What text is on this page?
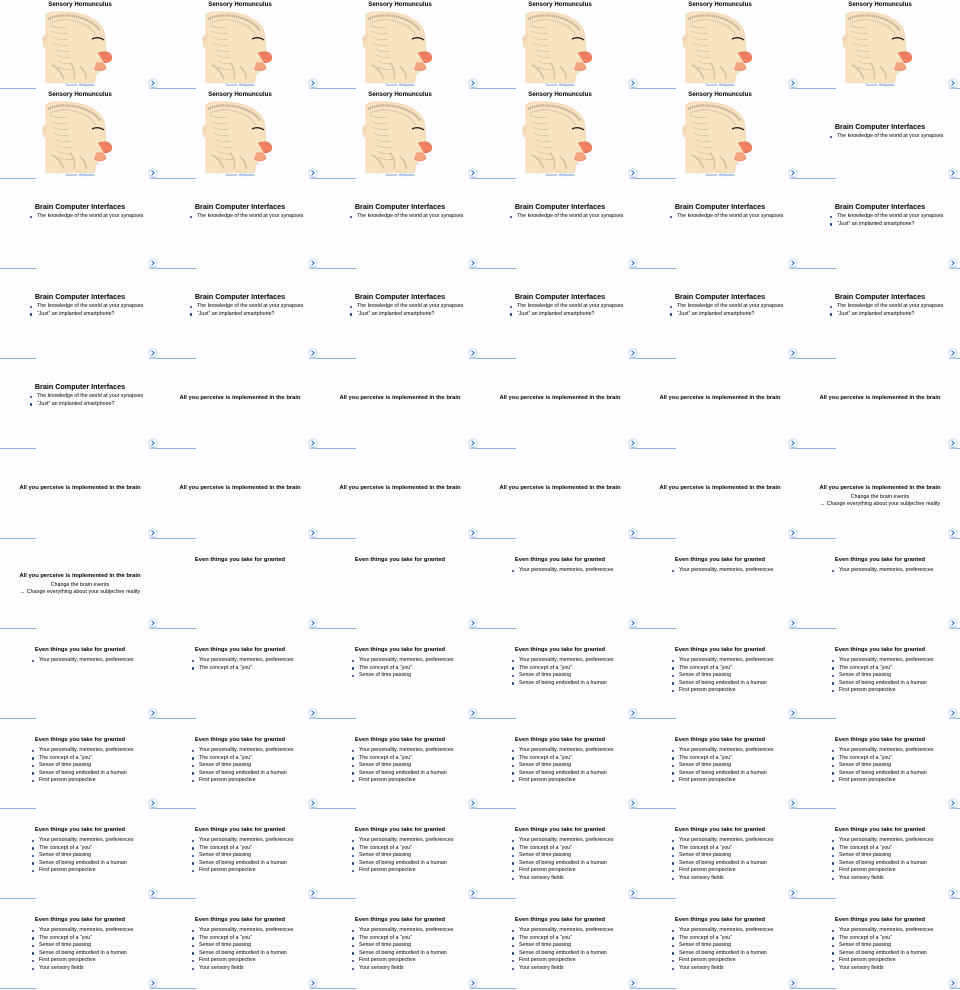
Sensory Homunculus
Source: Wikipedia
Sensory Homunculus
Source: Wikipedia
Sensory Homunculus
Source: Wikipedia
Sensory Homunculus
Source: Wikipedia
Sensory Homunculus
Source: Wikipedia
Sensory Homunculus
Source: Wikipedia
Sensory Homunculus
Source: Wikipedia
Sensory Homunculus
Source: Wikipedia
Sensory Homunculus
Source: Wikipedia
Sensory Homunculus
Source: Wikipedia
Sensory Homunculus
Source: Wikipedia
Brain Computer Interfaces
The knowledge of the world at your synapses
Brain Computer Interfaces
The knowledge of the world at your synapses
Brain Computer Interfaces
The knowledge of the world at your synapses
Brain Computer Interfaces
The knowledge of the world at your synapses
Brain Computer Interfaces
The knowledge of the world at your synapses
Brain Computer Interfaces
The knowledge of the world at your synapses
Brain Computer Interfaces
The knowledge of the world at your synapses
“Just” an implanted smartphone?
Brain Computer Interfaces
The knowledge of the world at your synapses
“Just” an implanted smartphone?
Brain Computer Interfaces
The knowledge of the world at your synapses
“Just” an implanted smartphone?
Brain Computer Interfaces
The knowledge of the world at your synapses
“Just” an implanted smartphone?
Brain Computer Interfaces
The knowledge of the world at your synapses
“Just” an implanted smartphone?
Brain Computer Interfaces
The knowledge of the world at your synapses
“Just” an implanted smartphone?
Brain Computer Interfaces
The knowledge of the world at your synapses
“Just” an implanted smartphone?
Brain Computer Interfaces
The knowledge of the world at your synapses
“Just” an implanted smartphone?
All you perceive is implemented in the brain	All you perceive is implemented in the brain	All you perceive is implemented in the brain	All you perceive is implemented in the brain	All you perceive is implemented in the brain
All you perceive is implemented in the brain	All you perceive is implemented in the brain	All you perceive is implemented in the brain	All you perceive is implemented in the brain	All you perceive is implemented in the brain	All you perceive is implemented in the brain
Change the brain events
→ Change everything about your subjective reality
All you perceive is implemented in the brain
Change the brain events
→ Change everything about your subjective reality
Even things you take for granted	Even things you take for granted	Even things you take for granted
Your personality, memories, preferences
Even things you take for granted
Your personality, memories, preferences
Even things you take for granted
Your personality, memories, preferences
Even things you take for granted
Your personality, memories, preferences
Even things you take for granted
Your personality, memories, preferences
The concept of a “you”
Even things you take for granted
Your personality, memories, preferences
The concept of a “you”
Sense of time passing
Even things you take for granted
Your personality, memories, preferences
The concept of a “you”
Sense of time passing
Sense of being embodied in a human
Even things you take for granted
Your personality, memories, preferences
The concept of a “you”
Sense of time passing
Sense of being embodied in a human
First person perspective
Even things you take for granted
Your personality, memories, preferences
The concept of a “you”
Sense of time passing
Sense of being embodied in a human
First person perspective
Even things you take for granted
Your personality, memories, preferences
The concept of a “you”
Sense of time passing
Sense of being embodied in a human
First person perspective
Even things you take for granted
Your personality, memories, preferences
The concept of a “you”
Sense of time passing
Sense of being embodied in a human
First person perspective
Even things you take for granted
Your personality, memories, preferences
The concept of a “you”
Sense of time passing
Sense of being embodied in a human
First person perspective
Even things you take for granted
Your personality, memories, preferences
The concept of a “you”
Sense of time passing
Sense of being embodied in a human
First person perspective
Even things you take for granted
Your personality, memories, preferences
The concept of a “you”
Sense of time passing
Sense of being embodied in a human
First person perspective
Even things you take for granted
Your personality, memories, preferences
The concept of a “you”
Sense of time passing
Sense of being embodied in a human
First person perspective
Even things you take for granted
Your personality, memories, preferences
The concept of a “you”
Sense of time passing
Sense of being embodied in a human
First person perspective
Even things you take for granted
Your personality, memories, preferences
The concept of a “you”
Sense of time passing
Sense of being embodied in a human
First person perspective
Even things you take for granted
Your personality, memories, preferences
The concept of a “you”
Sense of time passing
Sense of being embodied in a human
First person perspective
Even things you take for granted
Your personality, memories, preferences
The concept of a “you”
Sense of time passing
Sense of being embodied in a human
First person perspective
Your sensory fields
Even things you take for granted
Your personality, memories, preferences
The concept of a “you”
Sense of time passing
Sense of being embodied in a human
First person perspective
Your sensory fields
Even things you take for granted
Your personality, memories, preferences
The concept of a “you”
Sense of time passing
Sense of being embodied in a human
First person perspective
Your sensory fields
Even things you take for granted
Your personality, memories, preferences
The concept of a “you”
Sense of time passing
Sense of being embodied in a human
First person perspective
Your sensory fields
Even things you take for granted
Your personality, memories, preferences
The concept of a “you”
Sense of time passing
Sense of being embodied in a human
First person perspective
Your sensory fields
Even things you take for granted
Your personality, memories, preferences
The concept of a “you”
Sense of time passing
Sense of being embodied in a human
First person perspective
Your sensory fields
Even things you take for granted
Your personality, memories, preferences
The concept of a “you”
Sense of time passing
Sense of being embodied in a human
First person perspective
Your sensory fields
Even things you take for granted
Your personality, memories, preferences
The concept of a “you”
Sense of time passing
Sense of being embodied in a human
First person perspective
Your sensory fields
Even things you take for granted
Your personality, memories, preferences
The concept of a “you”
Sense of time passing
Sense of being embodied in a human
First person perspective
Your sensory fields
